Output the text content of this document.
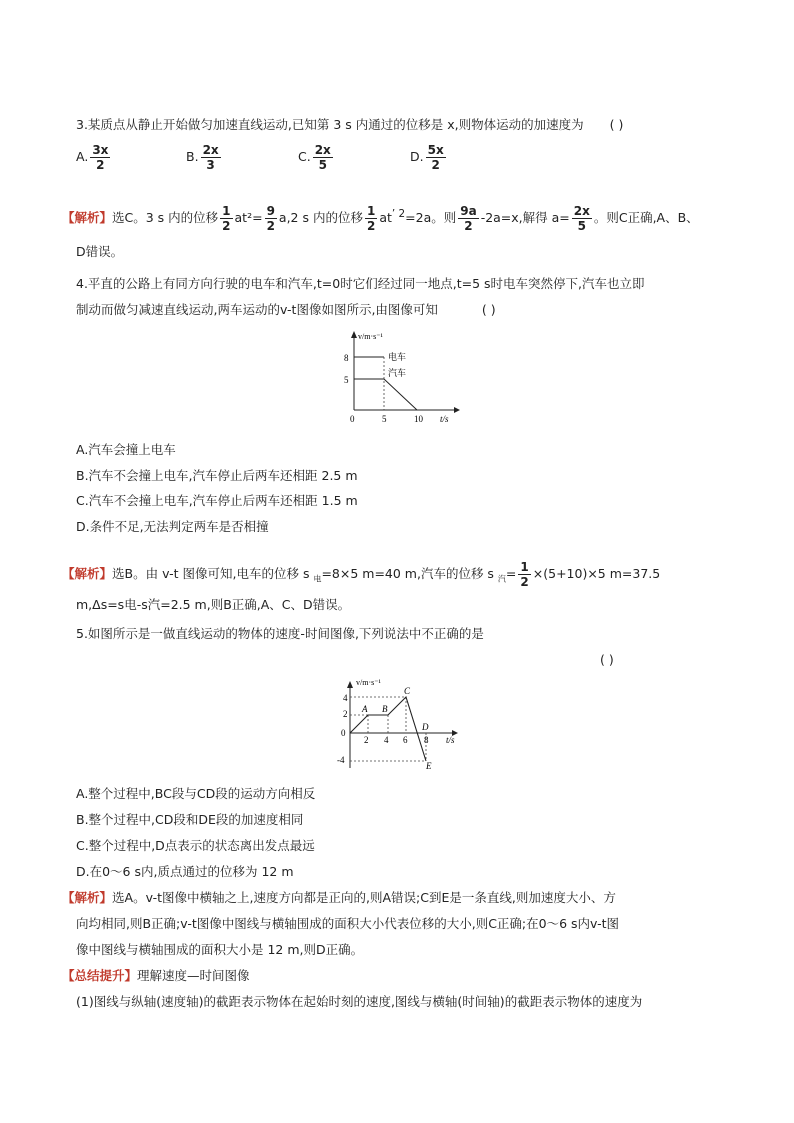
3.某质点从静止开始做匀加速直线运动,已知第 3 s 内通过的位移是 x,则物体运动的加速度为 ( )
A. $\frac{3x}{2}$	B. $\frac{2x}{3}$	C. $\frac{2x}{5}$	D. $\frac{5x}{2}$
【解析】选C。3 s 内的位移 $\frac{1}{2} at^2= \frac{9}{2} a,2$ s 内的位移 $\frac{1}{2} at^{’ 2}=2a$。则 $\frac{9a}{2} -2a=x$,解得 $a= \frac{2x}{5}$ 。则C正确,A、B、
D错误。
4.平直的公路上有同方向行驶的电车和汽车,t=0时它们经过同一地点,t=5 s时电车突然停下,汽车也立即
制动而做匀减速直线运动,两车运动的v-t图像如图所示,由图像可知	( )
v/m·s⁻¹
t/s
0	5	10
5
8	电车
汽车
A.汽车会撞上电车
B.汽车不会撞上电车,汽车停止后两车还相距 2.5 m
C.汽车不会撞上电车,汽车停止后两车还相距 1.5 m
D.条件不足,无法判定两车是否相撞
【解析】选B。由 v-t 图像可知,电车的位移 s $_电$=8×5 m=40 m,汽车的位移 s $_汽= \frac{1}{2} \times(5+10)\times 5$ m=37.5
m,Δs=s电-s汽=2.5 m,则B正确,A、C、D错误。
5.如图所示是一做直线运动的物体的速度-时间图像,下列说法中不正确的是
( )
v/m·s⁻¹
t/s
0
4
2
-4
2 4 6 8
A B
C
D
E
A.整个过程中,BC段与CD段的运动方向相反
B.整个过程中,CD段和DE段的加速度相同
C.整个过程中,D点表示的状态离出发点最远
D.在0～6 s内,质点通过的位移为 12 m
【解析】选A。v-t图像中横轴之上,速度方向都是正向的,则A错误;C到E是一条直线,则加速度大小、方
向均相同,则B正确;v-t图像中图线与横轴围成的面积大小代表位移的大小,则C正确;在0～6 s内v-t图
像中图线与横轴围成的面积大小是 12 m,则D正确。
【总结提升】理解速度—时间图像
(1)图线与纵轴(速度轴)的截距表示物体在起始时刻的速度,图线与横轴(时间轴)的截距表示物体的速度为
